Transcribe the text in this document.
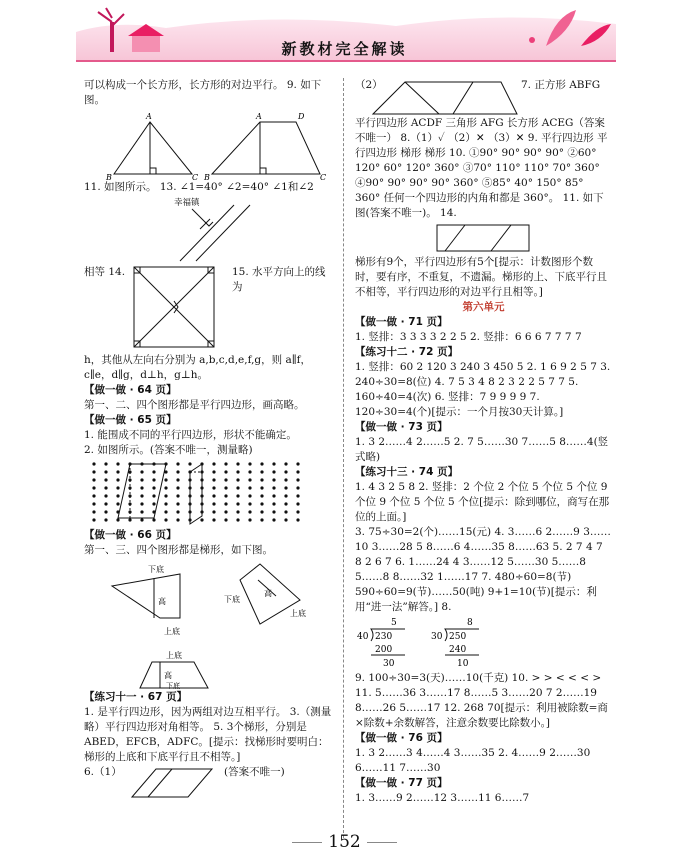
新教材完全解读

可以构成一个长方形，长方形的对边平行。 9. 如下图。

A
B	C
A	D
B	C

11. 如图所示。 13. ∠1=40° ∠2=40° ∠1和∠2

幸福镇
相等 14.	15. 水平方向上的线为

h，其他从左向右分别为 a,b,c,d,e,f,g，则 a∥f，c∥e，d∥g，d⊥h，g⊥h。

【做一做 · 64 页】

第一、二、四个图形都是平行四边形，画高略。

【做一做 · 65 页】

1. 能围成不同的平行四边形，形状不能确定。

2. 如图所示。(答案不唯一，测量略)

【做一做 · 66 页】

第一、三、四个图形都是梯形，如下图。

下底
高
上底
下底
高
上底
上底
高
下底

【练习十一 · 67 页】

1. 是平行四边形，因为两组对边互相平行。 3.（测量略）平行四边形对角相等。 5. 3个梯形，分别是 ABED，EFCB，ADFC。[提示：找梯形时要明白：梯形的上底和下底平行且不相等。]

6.（1）	(答案不唯一)
（2）	7. 正方形 ABFG

平行四边形 ACDF 三角形 AFG 长方形 ACEG（答案不唯一） 8.（1）✓ （2）✕ （3）✕ 9. 平行四边形 平行四边形 梯形 梯形 10. ①90° 90° 90° 90° ②60° 120° 60° 120° 360° ③70° 110° 110° 70° 360° ④90° 90° 90° 90° 360° ⑤85° 40° 150° 85° 360° 任何一个四边形的内角和都是 360°。 11. 如下图(答案不唯一)。 14.

梯形有9个，平行四边形有5个[提示：计数图形个数时，要有序，不重复，不遗漏。梯形的上、下底平行且不相等，平行四边形的对边平行且相等。]

第六单元

【做一做 · 71 页】

1. 竖排：3 3 3 3 2 2 5 2. 竖排：6 6 6 7 7 7 7

【练习十二 · 72 页】

1. 竖排：60 2 120 3 240 3 450 5 2. 1 6 9 2 5 7 3. 240÷30=8(位) 4. 7 5 3 4 8 2 3 2 2 5 7 7 5. 160÷40=4(次) 6. 竖排：7 9 9 9 9 7. 120÷30=4(个)[提示：一个月按30天计算。]

【做一做 · 73 页】

1. 3 2……4 2……5 2. 7 5……30 7……5 8……4(竖式略)

【练习十三 · 74 页】

1. 4 3 2 5 8 2. 竖排：2 个位 2 个位 5 个位 5 个位 9 个位 9 个位 5 个位 5 个位[提示：除到哪位，商写在那位的上面。]

3. 75÷30=2(个)……15(元) 4. 3……6 2……9 3……10 3……28 5 8……6 4……35 8……63 5. 2 7 4 7 8 2 6 7 6. 1……24 4 3……12 5……30 5……8 5……8 8……32 1……17 7. 480÷60=8(节) 590÷60=9(节)……50(吨) 9+1=10(节)[提示：利用“进一法”解答。] 8.

5
40 230
200
30
8
30 250
240
10

9. 100÷30=3(天)……10(千克) 10. > > < < < > 11. 5……36 3……17 8……5 3……20 7 2……19 8……26 5……17 12. 268 70[提示：利用被除数=商×除数+余数解答，注意余数要比除数小。]

【做一做 · 76 页】

1. 3 2……3 4……4 3……35 2. 4……9 2……30 6……11 7……30

【做一做 · 77 页】

1. 3……9 2……12 3……11 6……7

152
